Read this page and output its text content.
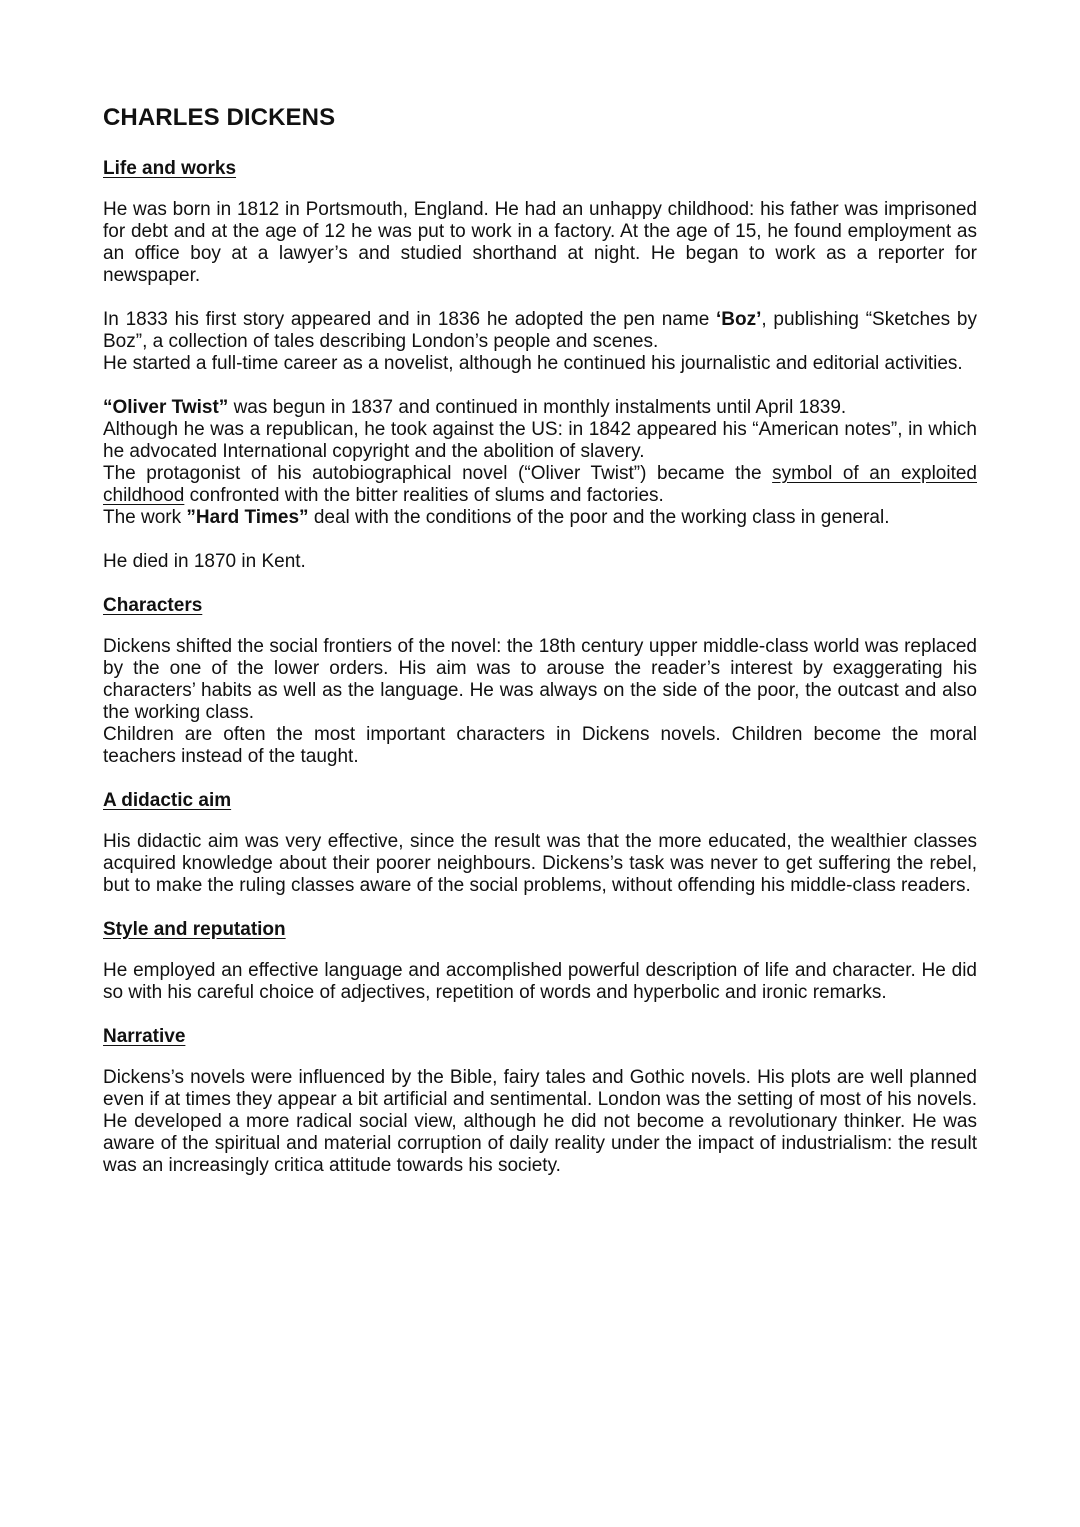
CHARLES DICKENS
Life and works

He was born in 1812 in Portsmouth, England. He had an unhappy childhood: his father was imprisoned for debt and at the age of 12 he was put to work in a factory. At the age of 15, he found employment as an office boy at a lawyer’s and studied shorthand at night. He began to work as a reporter for newspaper.

In 1833 his first story appeared and in 1836 he adopted the pen name ‘Boz’, publishing “Sketches by Boz”, a collection of tales describing London’s people and scenes.
He started a full-time career as a novelist, although he continued his journalistic and editorial activities.

“Oliver Twist” was begun in 1837 and continued in monthly instalments until April 1839.
Although he was a republican, he took against the US: in 1842 appeared his “American notes”, in which he advocated International copyright and the abolition of slavery.
The protagonist of his autobiographical novel (“Oliver Twist”) became the symbol of an exploited childhood confronted with the bitter realities of slums and factories.
The work ”Hard Times” deal with the conditions of the poor and the working class in general.

He died in 1870 in Kent.

Characters

Dickens shifted the social frontiers of the novel: the 18th century upper middle-class world was replaced by the one of the lower orders. His aim was to arouse the reader’s interest by exaggerating his characters’ habits as well as the language. He was always on the side of the poor, the outcast and also the working class.
Children are often the most important characters in Dickens novels. Children become the moral teachers instead of the taught.

A didactic aim

His didactic aim was very effective, since the result was that the more educated, the wealthier classes acquired knowledge about their poorer neighbours. Dickens’s task was never to get suffering the rebel, but to make the ruling classes aware of the social problems, without offending his middle-class readers.

Style and reputation

He employed an effective language and accomplished powerful description of life and character. He did so with his careful choice of adjectives, repetition of words and hyperbolic and ironic remarks.

Narrative

Dickens’s novels were influenced by the Bible, fairy tales and Gothic novels. His plots are well planned even if at times they appear a bit artificial and sentimental. London was the setting of most of his novels. He developed a more radical social view, although he did not become a revolutionary thinker. He was aware of the spiritual and material corruption of daily reality under the impact of industrialism: the result was an increasingly critica attitude towards his society.
